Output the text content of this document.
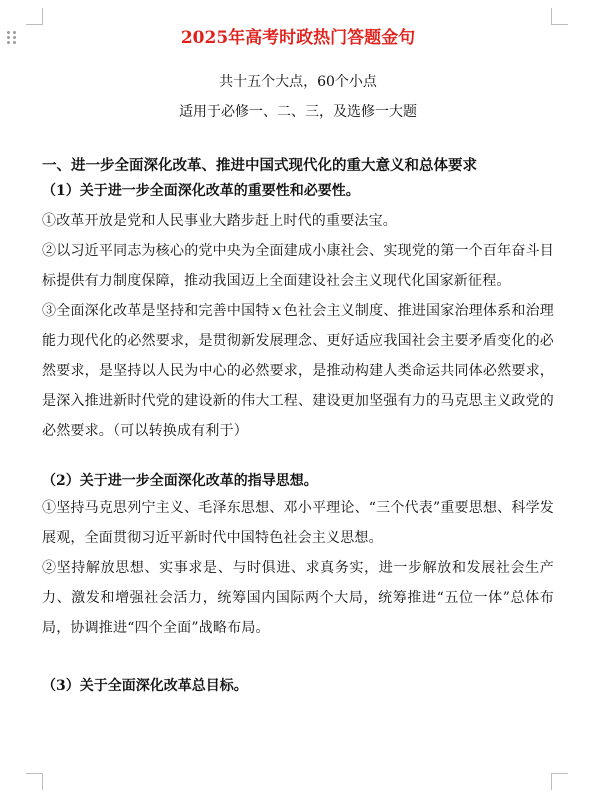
2025年高考时政热门答题金句
共十五个大点，60个小点
适用于必修一、二、三，及选修一大题
一、进一步全面深化改革、推进中国式现代化的重大意义和总体要求
（1）关于进一步全面深化改革的重要性和必要性。

①改革开放是党和人民事业大踏步赶上时代的重要法宝。

②以习近平同志为核心的党中央为全面建成小康社会、实现党的第一个百年奋斗目标提供有力制度保障，推动我国迈上全面建设社会主义现代化国家新征程。

③全面深化改革是坚持和完善中国特ｘ色社会主义制度、推进国家治理体系和治理能力现代化的必然要求，是贯彻新发展理念、更好适应我国社会主要矛盾变化的必然要求，是坚持以人民为中心的必然要求，是推动构建人类命运共同体必然要求，是深入推进新时代党的建设新的伟大工程、建设更加坚强有力的马克思主义政党的必然要求。（可以转换成有利于）

（2）关于进一步全面深化改革的指导思想。

①坚持马克思列宁主义、毛泽东思想、邓小平理论、“三个代表”重要思想、科学发展观，全面贯彻习近平新时代中国特色社会主义思想。

②坚持解放思想、实事求是、与时俱进、求真务实，进一步解放和发展社会生产力、激发和增强社会活力，统筹国内国际两个大局，统筹推进“五位一体”总体布局，协调推进“四个全面”战略布局。

（3）关于全面深化改革总目标。
